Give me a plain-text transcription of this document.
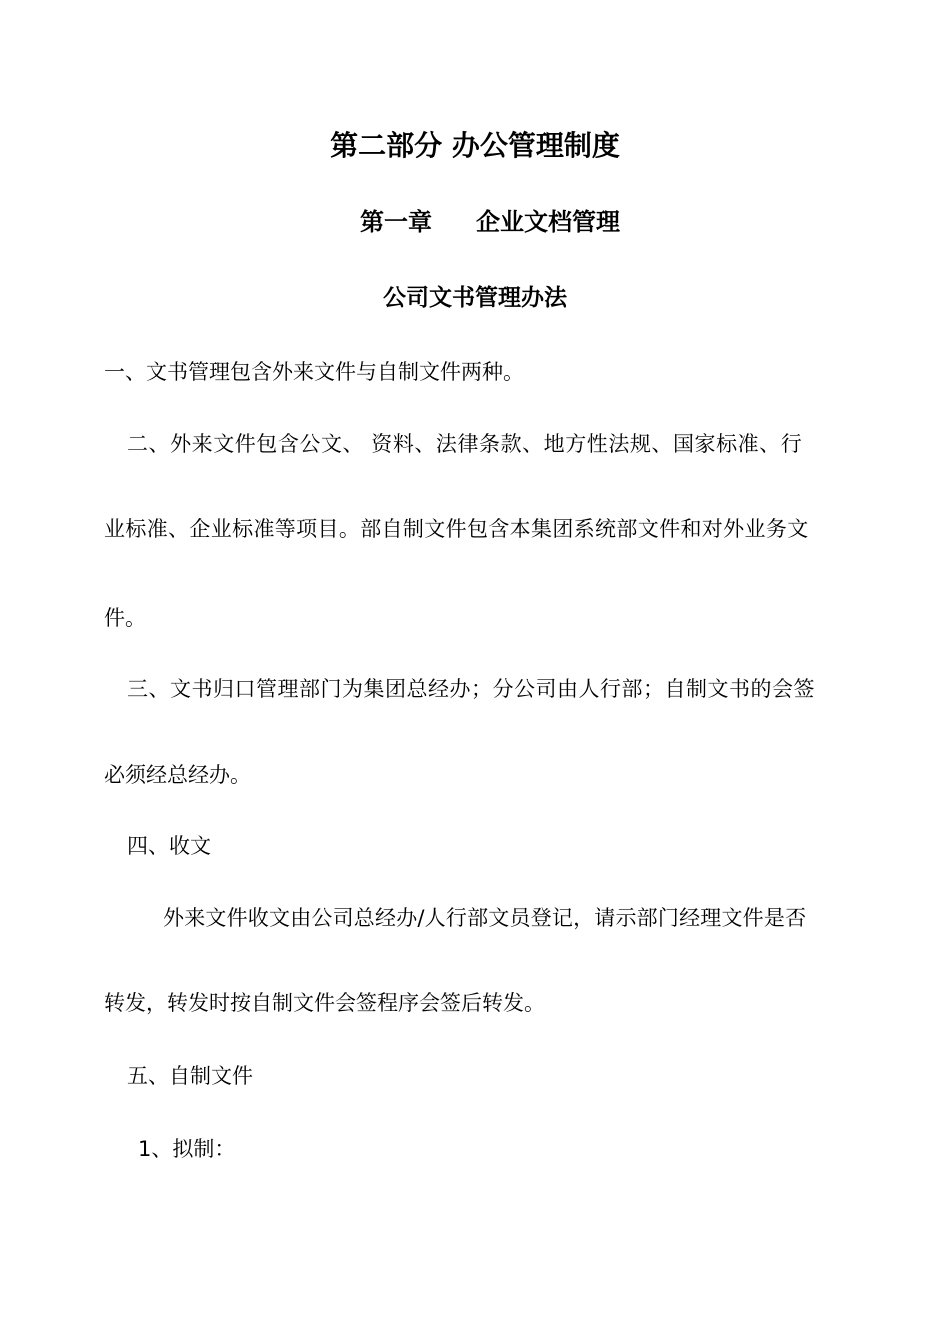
第二部分 办公管理制度
第一章 企业文档管理
公司文书管理办法
一、文书管理包含外来文件与自制文件两种。
二、外来文件包含公文、 资料、法律条款、地方性法规、国家标准、行
业标准、企业标准等项目。部自制文件包含本集团系统部文件和对外业务文
件。
三、文书归口管理部门为集团总经办；分公司由人行部；自制文书的会签
必须经总经办。
四、收文
外来文件收文由公司总经办/人行部文员登记，请示部门经理文件是否
转发，转发时按自制文件会签程序会签后转发。
五、自制文件
1、拟制：
